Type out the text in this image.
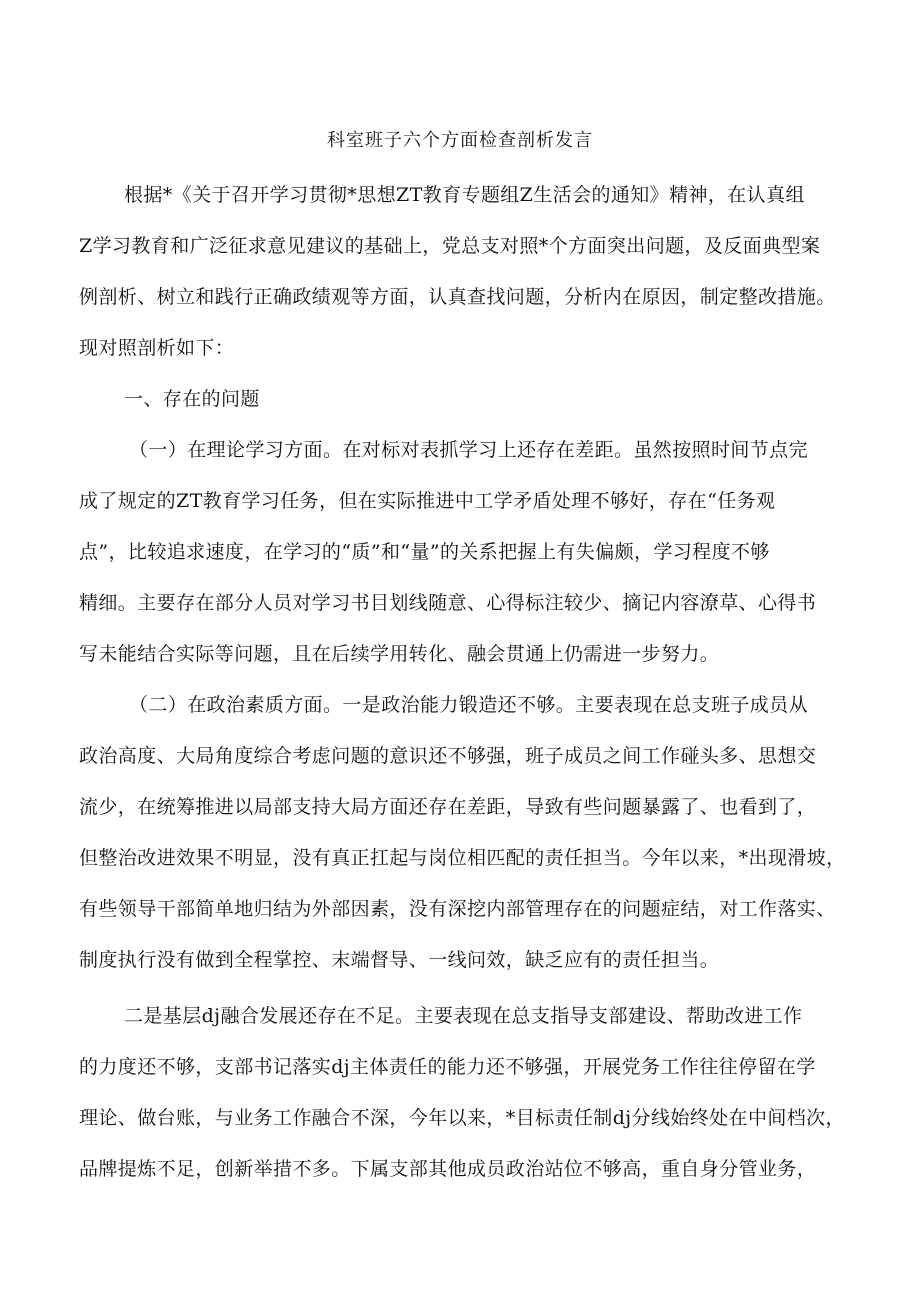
科室班子六个方面检查剖析发言
根据*《关于召开学习贯彻*思想ZT教育专题组Z生活会的通知》精神，在认真组
Z学习教育和广泛征求意见建议的基础上，党总支对照*个方面突出问题，及反面典型案
例剖析、树立和践行正确政绩观等方面，认真查找问题，分析内在原因，制定整改措施。
现对照剖析如下：
一、存在的问题
（一）在理论学习方面。在对标对表抓学习上还存在差距。虽然按照时间节点完
成了规定的ZT教育学习任务，但在实际推进中工学矛盾处理不够好，存在“任务观
点”，比较追求速度，在学习的“质”和“量”的关系把握上有失偏颇，学习程度不够
精细。主要存在部分人员对学习书目划线随意、心得标注较少、摘记内容潦草、心得书
写未能结合实际等问题，且在后续学用转化、融会贯通上仍需进一步努力。
（二）在政治素质方面。一是政治能力锻造还不够。主要表现在总支班子成员从
政治高度、大局角度综合考虑问题的意识还不够强，班子成员之间工作碰头多、思想交
流少，在统筹推进以局部支持大局方面还存在差距，导致有些问题暴露了、也看到了，
但整治改进效果不明显，没有真正扛起与岗位相匹配的责任担当。今年以来，*出现滑坡，
有些领导干部简单地归结为外部因素，没有深挖内部管理存在的问题症结，对工作落实、
制度执行没有做到全程掌控、末端督导、一线问效，缺乏应有的责任担当。
二是基层dj融合发展还存在不足。主要表现在总支指导支部建设、帮助改进工作
的力度还不够，支部书记落实dj主体责任的能力还不够强，开展党务工作往往停留在学
理论、做台账，与业务工作融合不深，今年以来，*目标责任制dj分线始终处在中间档次，
品牌提炼不足，创新举措不多。下属支部其他成员政治站位不够高，重自身分管业务，
